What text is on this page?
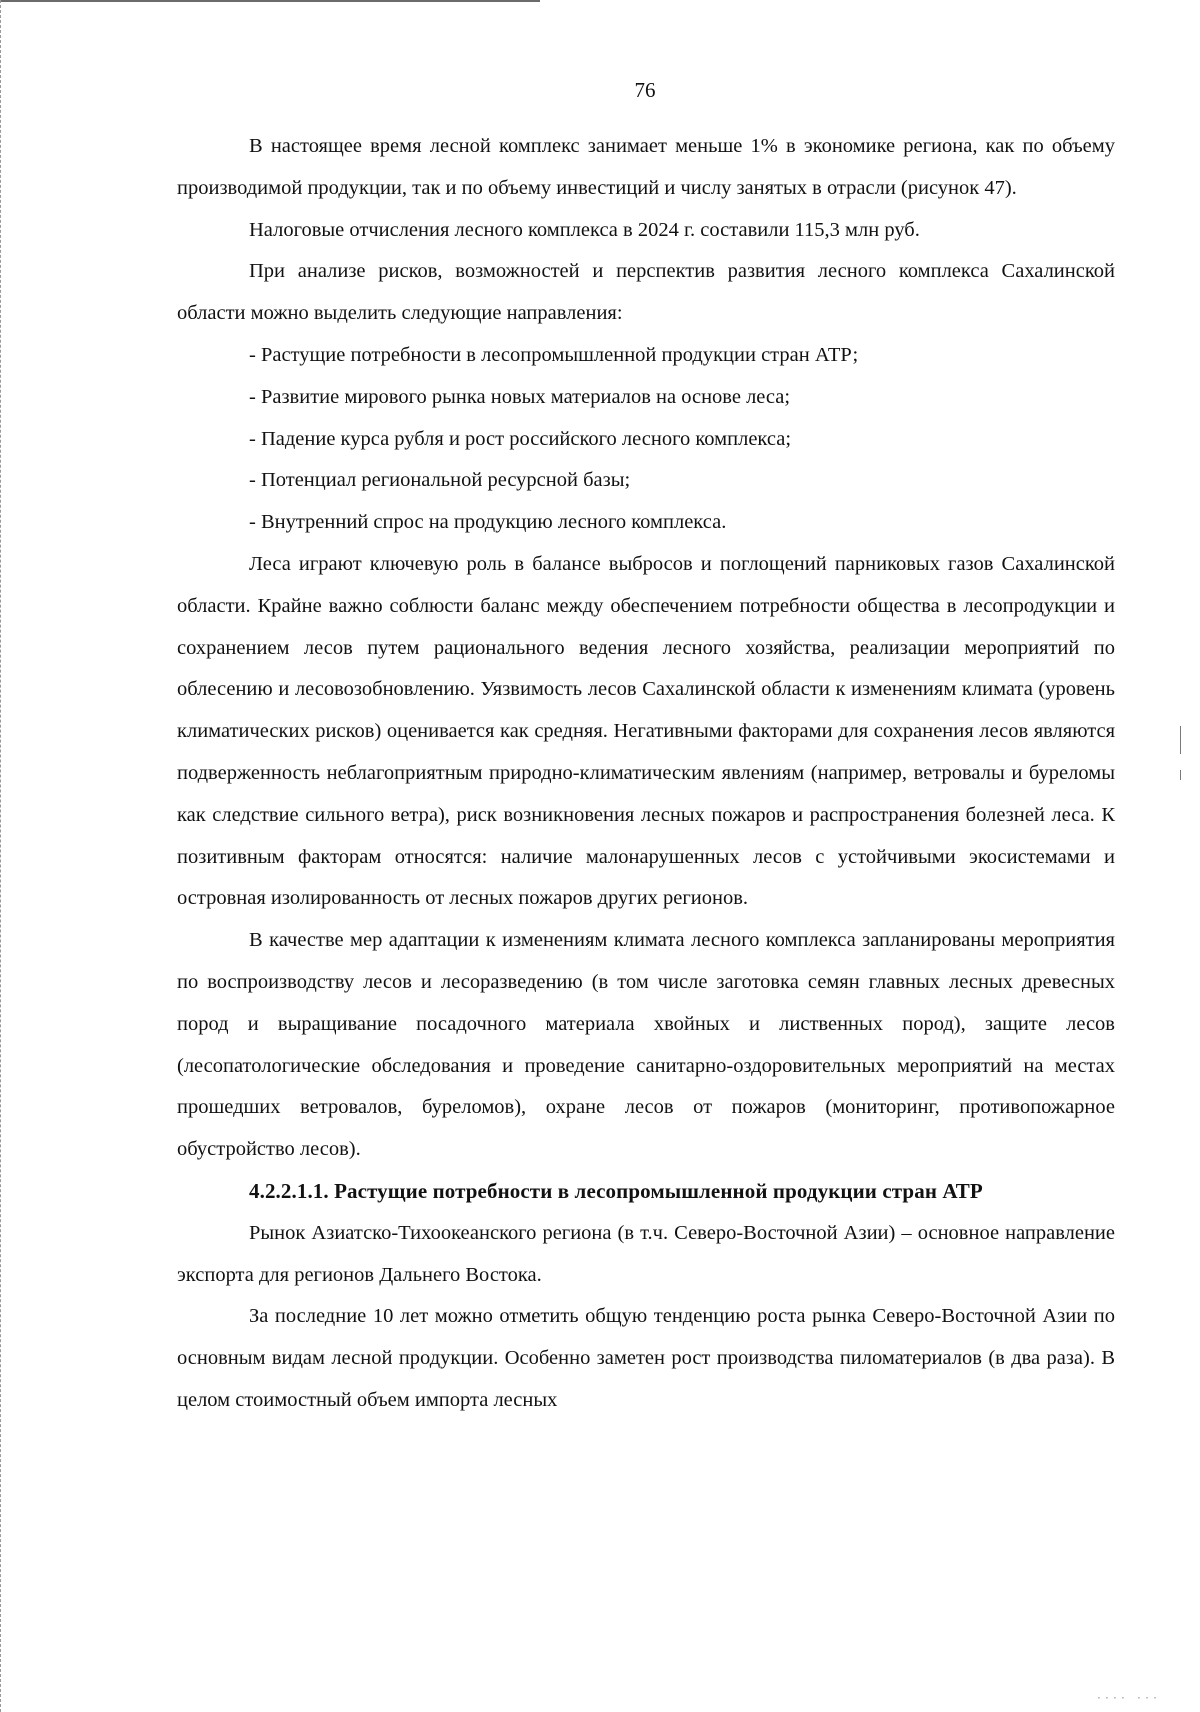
76

В настоящее время лесной комплекс занимает меньше 1% в экономике региона, как по объему производимой продукции, так и по объему инвестиций и числу занятых в отрасли (рисунок 47).

Налоговые отчисления лесного комплекса в 2024 г. составили 115,3 млн руб.

При анализе рисков, возможностей и перспектив развития лесного комплекса Сахалинской области можно выделить следующие направления:

- Растущие потребности в лесопромышленной продукции стран АТР;

- Развитие мирового рынка новых материалов на основе леса;

- Падение курса рубля и рост российского лесного комплекса;

- Потенциал региональной ресурсной базы;

- Внутренний спрос на продукцию лесного комплекса.

Леса играют ключевую роль в балансе выбросов и поглощений парниковых газов Сахалинской области. Крайне важно соблюсти баланс между обеспечением потребности общества в лесопродукции и сохранением лесов путем рационального ведения лесного хозяйства, реализации мероприятий по облесению и лесовозобновлению. Уязвимость лесов Сахалинской области к изменениям климата (уровень климатических рисков) оценивается как средняя. Негативными факторами для сохранения лесов являются подверженность неблагоприятным природно-климатическим явлениям (например, ветровалы и буреломы как следствие сильного ветра), риск возникновения лесных пожаров и распространения болезней леса. К позитивным факторам относятся: наличие малонарушенных лесов с устойчивыми экосистемами и островная изолированность от лесных пожаров других регионов.

В качестве мер адаптации к изменениям климата лесного комплекса запланированы мероприятия по воспроизводству лесов и лесоразведению (в том числе заготовка семян главных лесных древесных пород и выращивание посадочного материала хвойных и лиственных пород), защите лесов (лесопатологические обследования и проведение санитарно-оздоровительных мероприятий на местах прошедших ветровалов, буреломов), охране лесов от пожаров (мониторинг, противопожарное обустройство лесов).

4.2.2.1.1. Растущие потребности в лесопромышленной продукции стран АТР

Рынок Азиатско-Тихоокеанского региона (в т.ч. Северо-Восточной Азии) – основное направление экспорта для регионов Дальнего Востока.

За последние 10 лет можно отметить общую тенденцию роста рынка Северо-Восточной Азии по основным видам лесной продукции. Особенно заметен рост производства пиломатериалов (в два раза). В целом стоимостный объем импорта лесных

···· ···
